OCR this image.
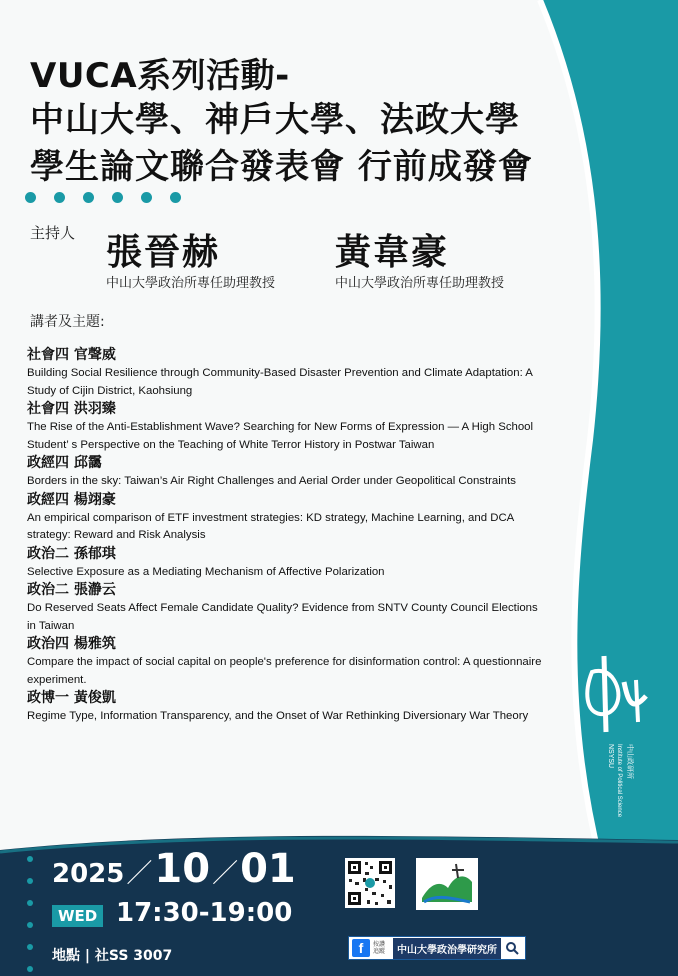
VUCA系列活動-
中山大學、神戶大學、法政大學
學生論文聯合發表會 行前成發會
主持人 張晉赫
中山大學政治所專任助理教授
黃韋豪
中山大學政治所專任助理教授
講者及主題:
社會四 官聲威
Building Social Resilience through Community-Based Disaster Prevention and Climate Adaptation: A Study of Cijin District, Kaohsiung
社會四 洪羽臻
The Rise of the Anti-Establishment Wave? Searching for New Forms of Expression — A High School Student’ s Perspective on the Teaching of White Terror History in Postwar Taiwan
政經四 邱靄
Borders in the sky: Taiwan’s Air Right Challenges and Aerial Order under Geopolitical Constraints
政經四 楊翊豪
An empirical comparison of ETF investment strategies: KD strategy, Machine Learning, and DCA strategy: Reward and Risk Analysis
政治二 孫郁琪
Selective Exposure as a Mediating Mechanism of Affective Polarization
政治二 張瀞云
Do Reserved Seats Affect Female Candidate Quality? Evidence from SNTV County Council Elections in Taiwan
政治四 楊雅筑
Compare the impact of social capital on people's preference for disinformation control: A questionnaire experiment.
政博一 黃俊凱
Regime Type, Information Transparency, and the Onset of War Rethinking Diversionary War Theory
NSYSU Institute of Political Science 中山政研所
2025／10／01
WED 17:30-19:00
地點 | 社SS 3007	f	按讚追蹤	中山大學政治學研究所
